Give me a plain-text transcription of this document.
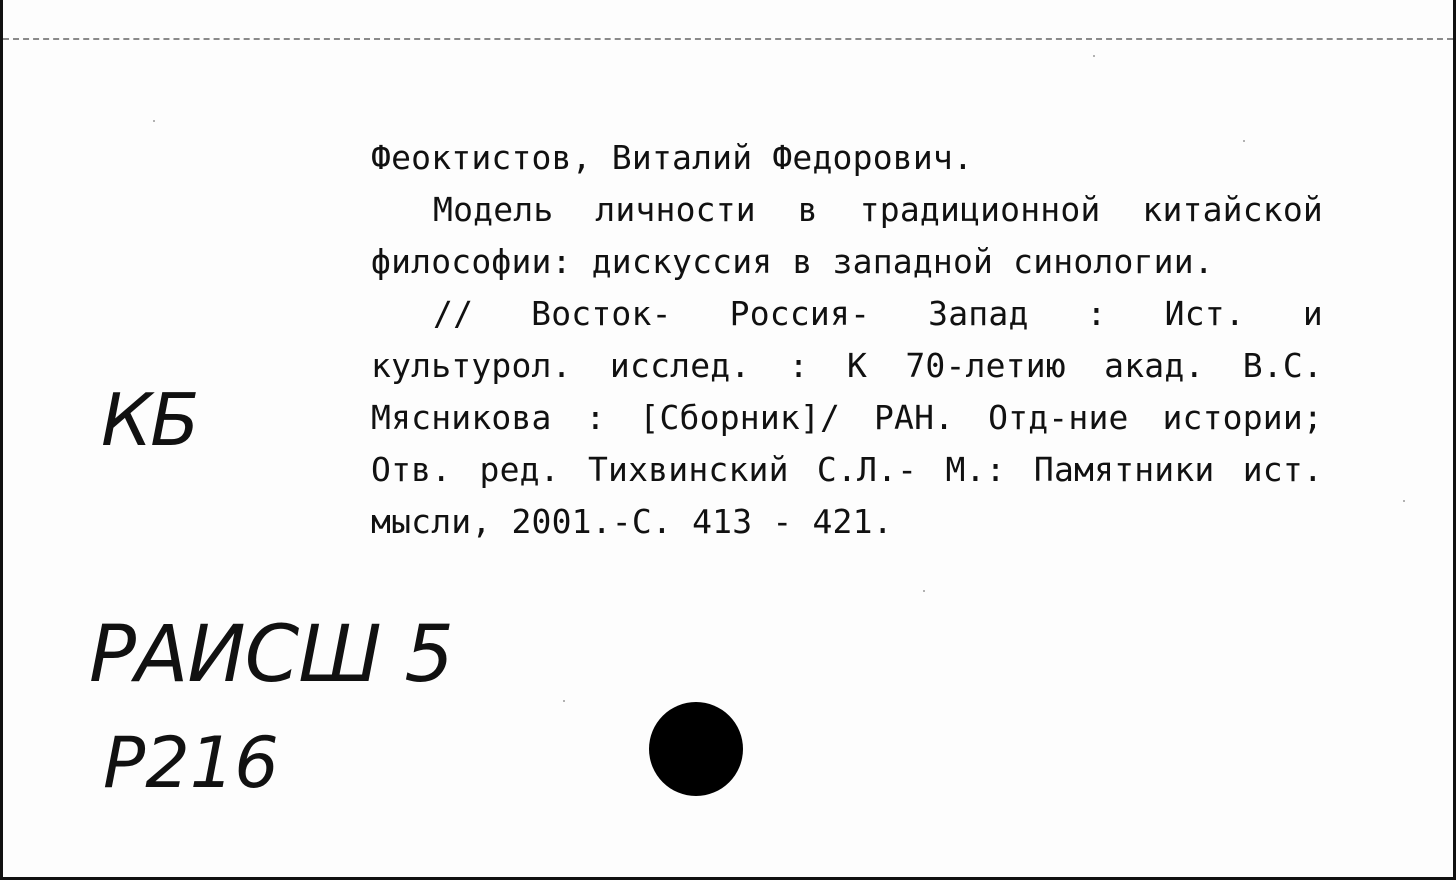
Феоктистов, Виталий Федорович.

Модель личности в традиционной китайской

философии: дискуссия в западной синологии.

// Восток- Россия- Запад : Ист. и

культурол. исслед. : К 70-летию акад. В.С.

Мясникова : [Сборник]/ РАН. Отд-ние истории;

Отв. ред. Тихвинский С.Л.- М.: Памятники ист.

мысли, 2001.-С. 413 - 421.

КБ
РАИСШ 5
Р216
